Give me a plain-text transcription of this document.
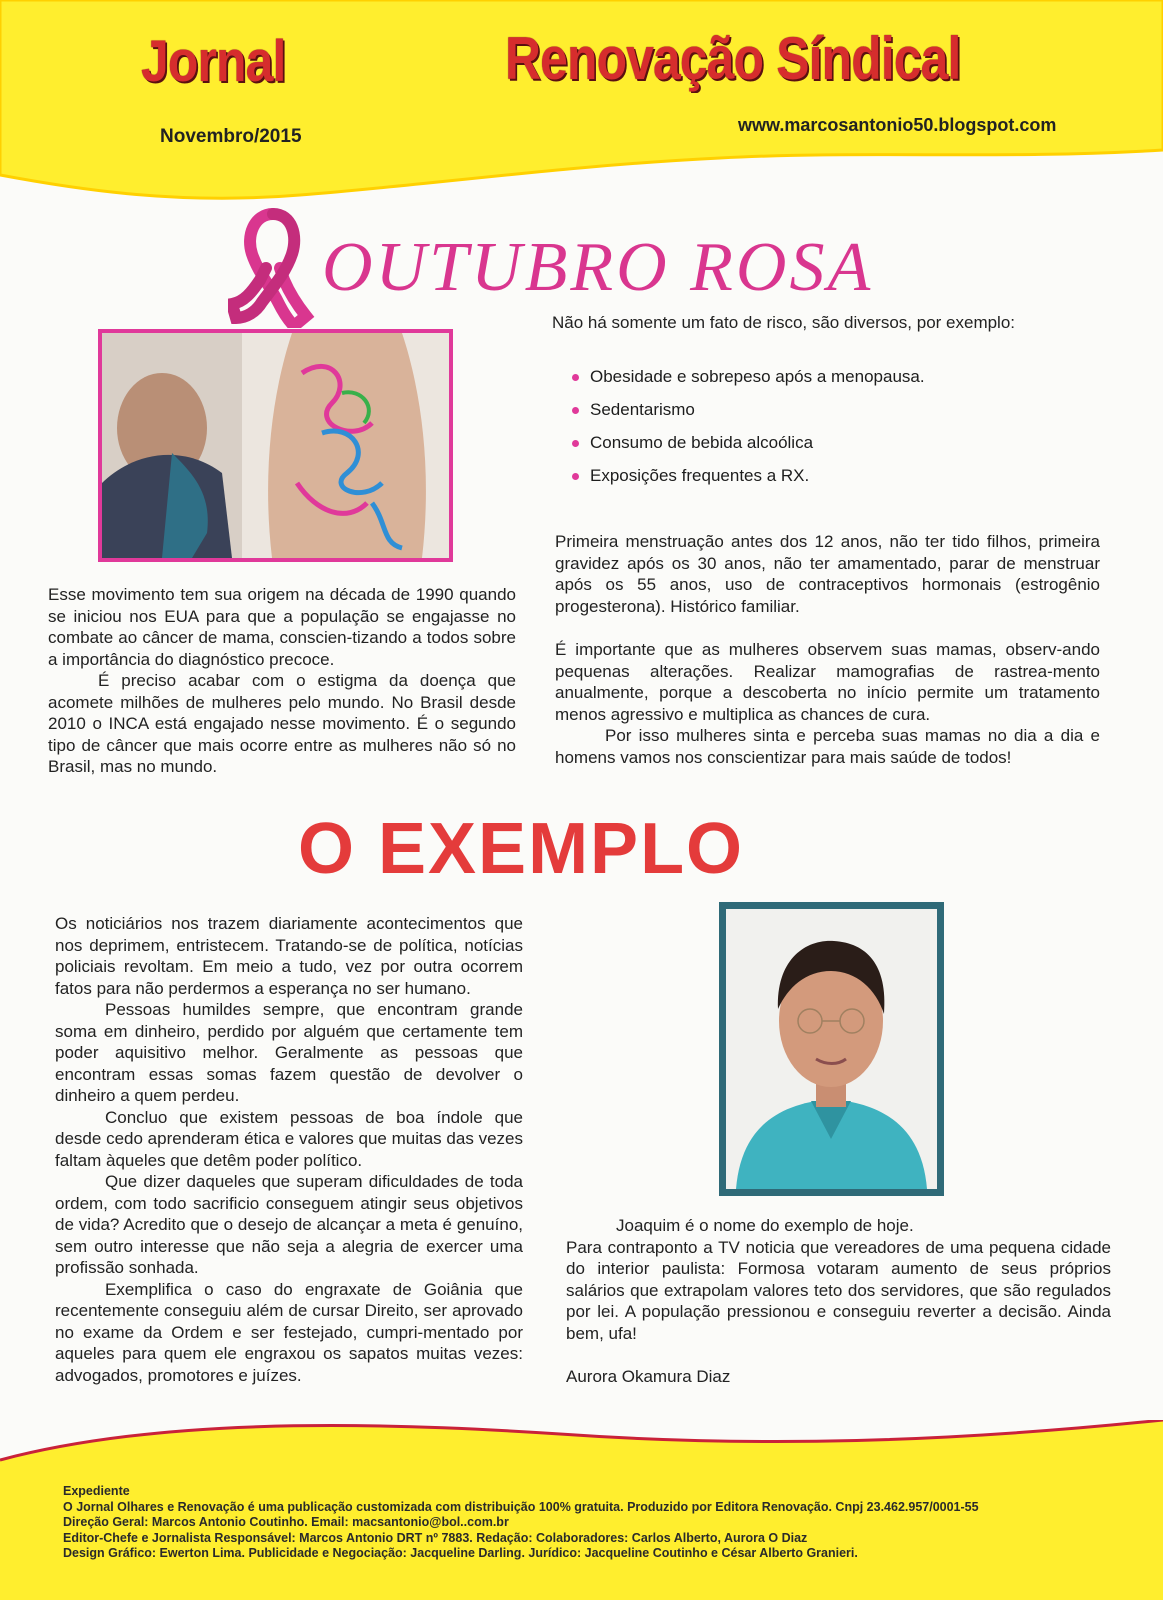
Jornal	Renovação Síndical
Novembro/2015
www.marcosantonio50.blogspot.com
OUTUBRO ROSA

Esse movimento tem sua origem na década de 1990 quando se iniciou nos EUA para que a população se engajasse no combate ao câncer de mama, conscien-tizando a todos sobre a importância do diagnóstico precoce.

É preciso acabar com o estigma da doença que acomete milhões de mulheres pelo mundo. No Brasil desde 2010 o INCA está engajado nesse movimento. É o segundo tipo de câncer que mais ocorre entre as mulheres não só no Brasil, mas no mundo.

Não há somente um fato de risco, são diversos, por exemplo:
Obesidade e sobrepeso após a menopausa.
Sedentarismo
Consumo de bebida alcoólica
Exposições frequentes a RX.

Primeira menstruação antes dos 12 anos, não ter tido filhos, primeira gravidez após os 30 anos, não ter amamentado, parar de menstruar após os 55 anos, uso de contraceptivos hormonais (estrogênio progesterona). Histórico familiar.

É importante que as mulheres observem suas mamas, observ-ando pequenas alterações. Realizar mamografias de rastrea-mento anualmente, porque a descoberta no início permite um tratamento menos agressivo e multiplica as chances de cura.

Por isso mulheres sinta e perceba suas mamas no dia a dia e homens vamos nos conscientizar para mais saúde de todos!

O EXEMPLO

Os noticiários nos trazem diariamente acontecimentos que nos deprimem, entristecem. Tratando-se de política, notícias policiais revoltam. Em meio a tudo, vez por outra ocorrem fatos para não perdermos a esperança no ser humano.

Pessoas humildes sempre, que encontram grande soma em dinheiro, perdido por alguém que certamente tem poder aquisitivo melhor. Geralmente as pessoas que encontram essas somas fazem questão de devolver o dinheiro a quem perdeu.

Concluo que existem pessoas de boa índole que desde cedo aprenderam ética e valores que muitas das vezes faltam àqueles que detêm poder político.

Que dizer daqueles que superam dificuldades de toda ordem, com todo sacrificio conseguem atingir seus objetivos de vida? Acredito que o desejo de alcançar a meta é genuíno, sem outro interesse que não seja a alegria de exercer uma profissão sonhada.

Exemplifica o caso do engraxate de Goiânia que recentemente conseguiu além de cursar Direito, ser aprovado no exame da Ordem e ser festejado, cumpri-mentado por aqueles para quem ele engraxou os sapatos muitas vezes: advogados, promotores e juízes.

Joaquim é o nome do exemplo de hoje.

Para contraponto a TV noticia que vereadores de uma pequena cidade do interior paulista: Formosa votaram aumento de seus próprios salários que extrapolam valores teto dos servidores, que são regulados por lei. A população pressionou e conseguiu reverter a decisão. Ainda bem, ufa!

Aurora Okamura Diaz

Expediente
O Jornal Olhares e Renovação é uma publicação customizada com distribuição 100% gratuita. Produzido por Editora Renovação. Cnpj 23.462.957/0001-55
Direção Geral: Marcos Antonio Coutinho. Email: macsantonio@bol..com.br
Editor-Chefe e Jornalista Responsável: Marcos Antonio DRT nº 7883. Redação: Colaboradores: Carlos Alberto, Aurora O Diaz
Design Gráfico: Ewerton Lima. Publicidade e Negociação: Jacqueline Darling. Jurídico: Jacqueline Coutinho e César Alberto Granieri.
